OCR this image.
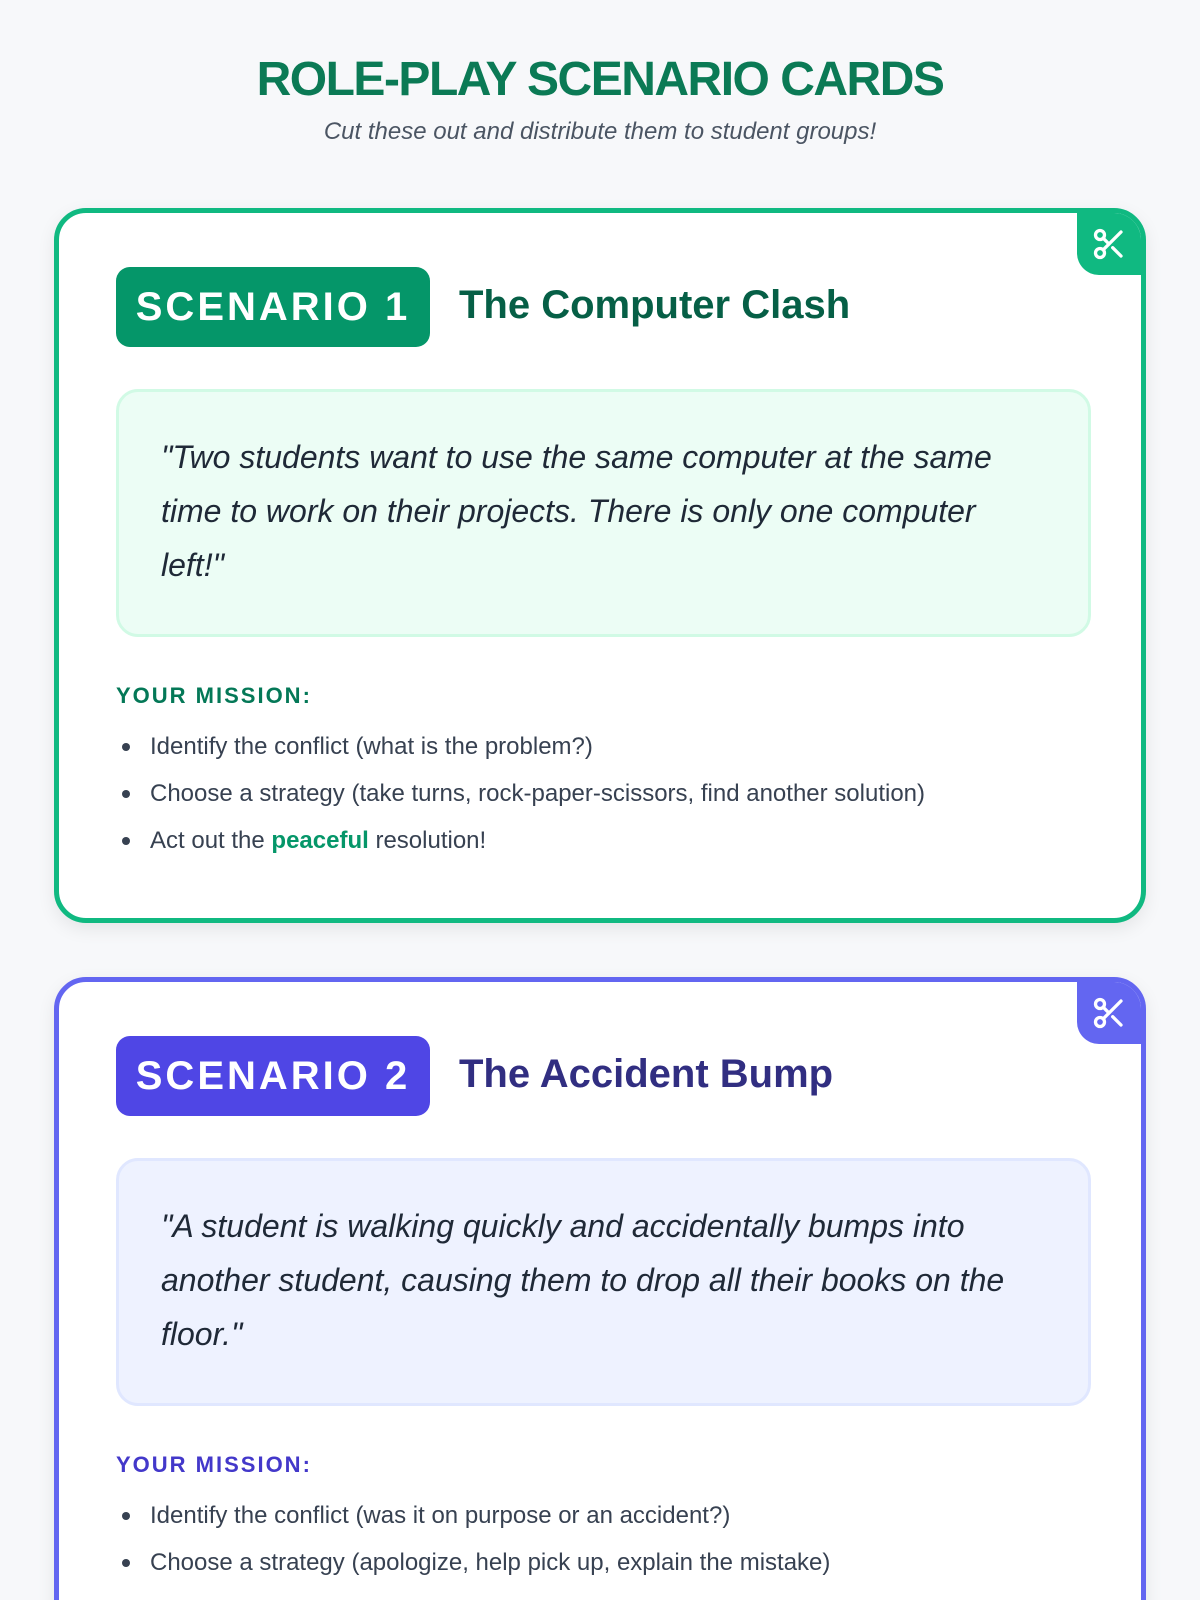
ROLE-PLAY SCENARIO CARDS

Cut these out and distribute them to student groups!

SCENARIO 1	The Computer Clash
"Two students want to use the same computer at the same time to work on their projects. There is only one computer left!"
YOUR MISSION:
Identify the conflict (what is the problem?)
Choose a strategy (take turns, rock-paper-scissors, find another solution)
Act out the peaceful resolution!
SCENARIO 2	The Accident Bump
"A student is walking quickly and accidentally bumps into another student, causing them to drop all their books on the floor."
YOUR MISSION:
Identify the conflict (was it on purpose or an accident?)
Choose a strategy (apologize, help pick up, explain the mistake)
